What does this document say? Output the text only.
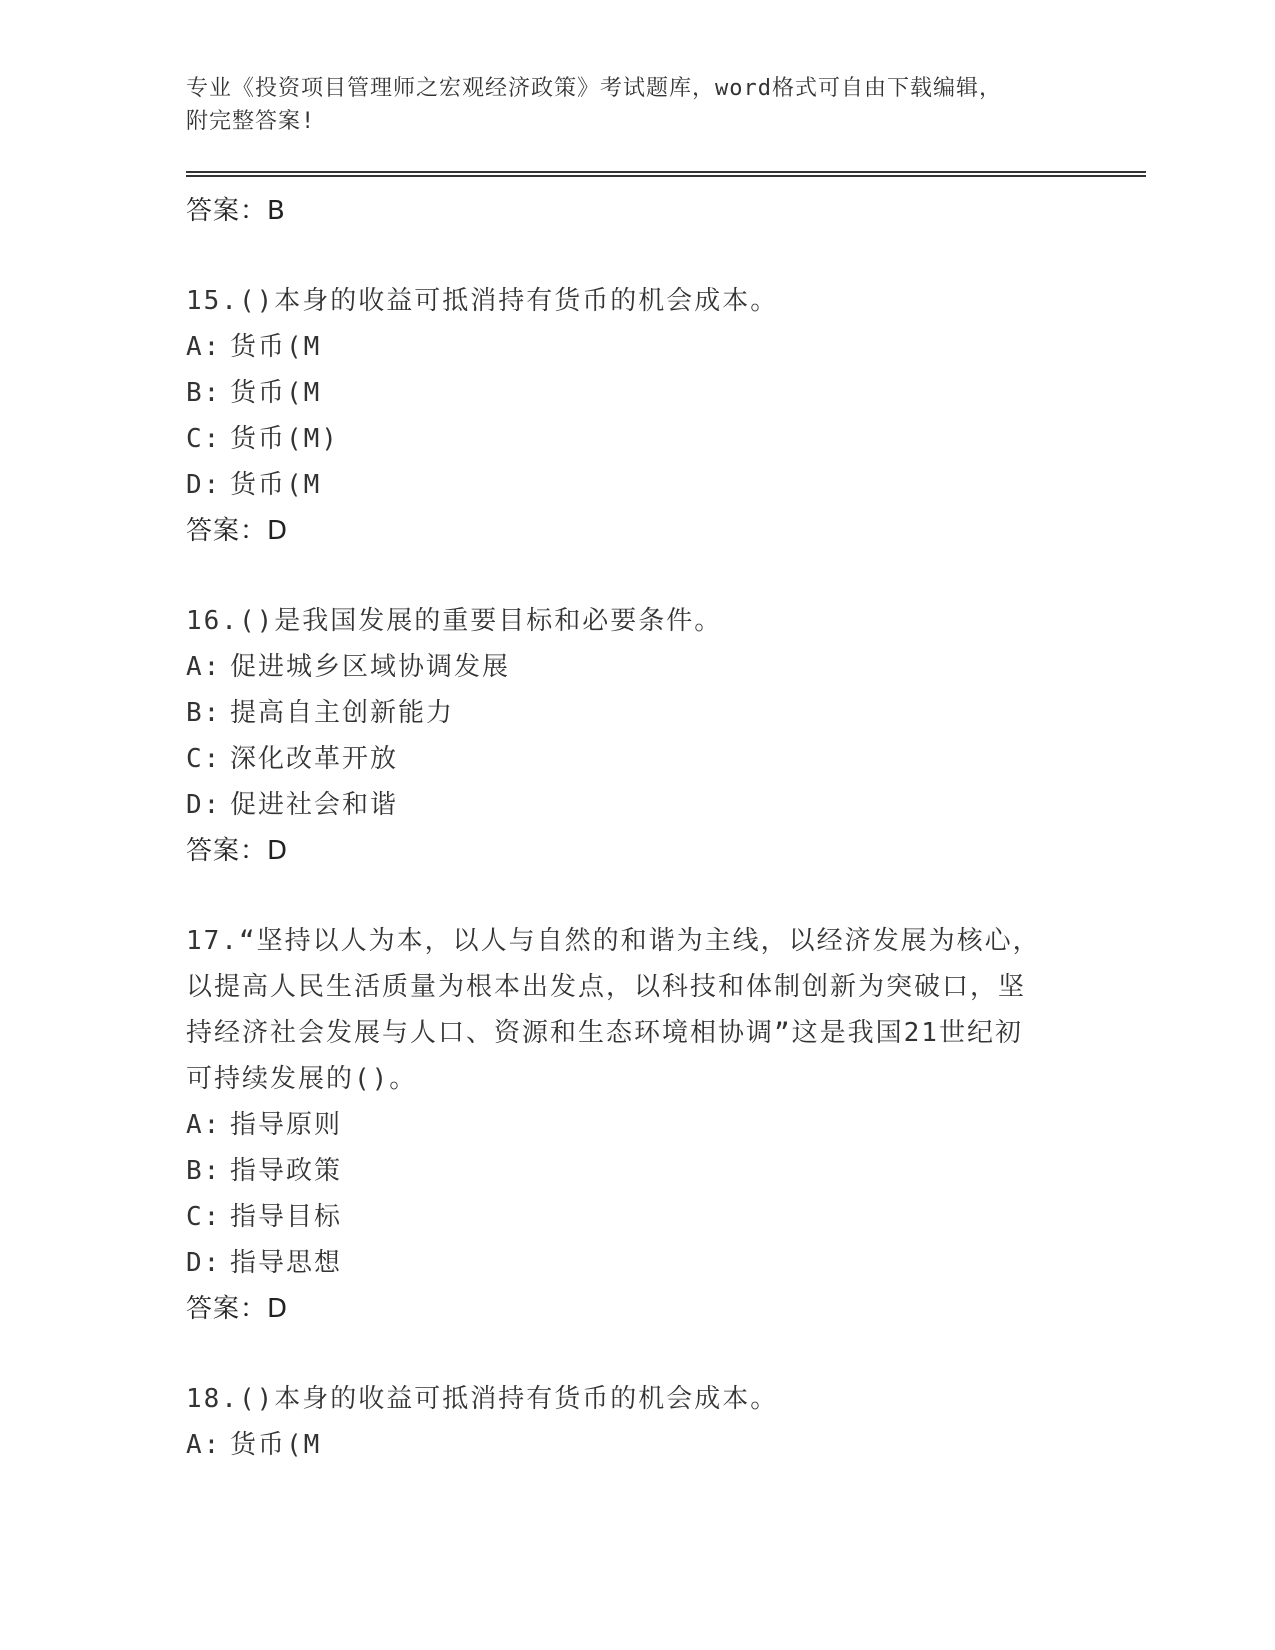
专业《投资项目管理师之宏观经济政策》考试题库，word格式可自由下载编辑，
附完整答案!
答案：B
15.()本身的收益可抵消持有货币的机会成本。
A: 货币(M
B: 货币(M
C: 货币(M)
D: 货币(M
答案：D
16.()是我国发展的重要目标和必要条件。
A: 促进城乡区域协调发展
B: 提高自主创新能力
C: 深化改革开放
D: 促进社会和谐
答案：D
17.“坚持以人为本，以人与自然的和谐为主线，以经济发展为核心，
以提高人民生活质量为根本出发点，以科技和体制创新为突破口，坚
持经济社会发展与人口、资源和生态环境相协调”这是我国21世纪初
可持续发展的()。
A: 指导原则
B: 指导政策
C: 指导目标
D: 指导思想
答案：D
18.()本身的收益可抵消持有货币的机会成本。
A: 货币(M
